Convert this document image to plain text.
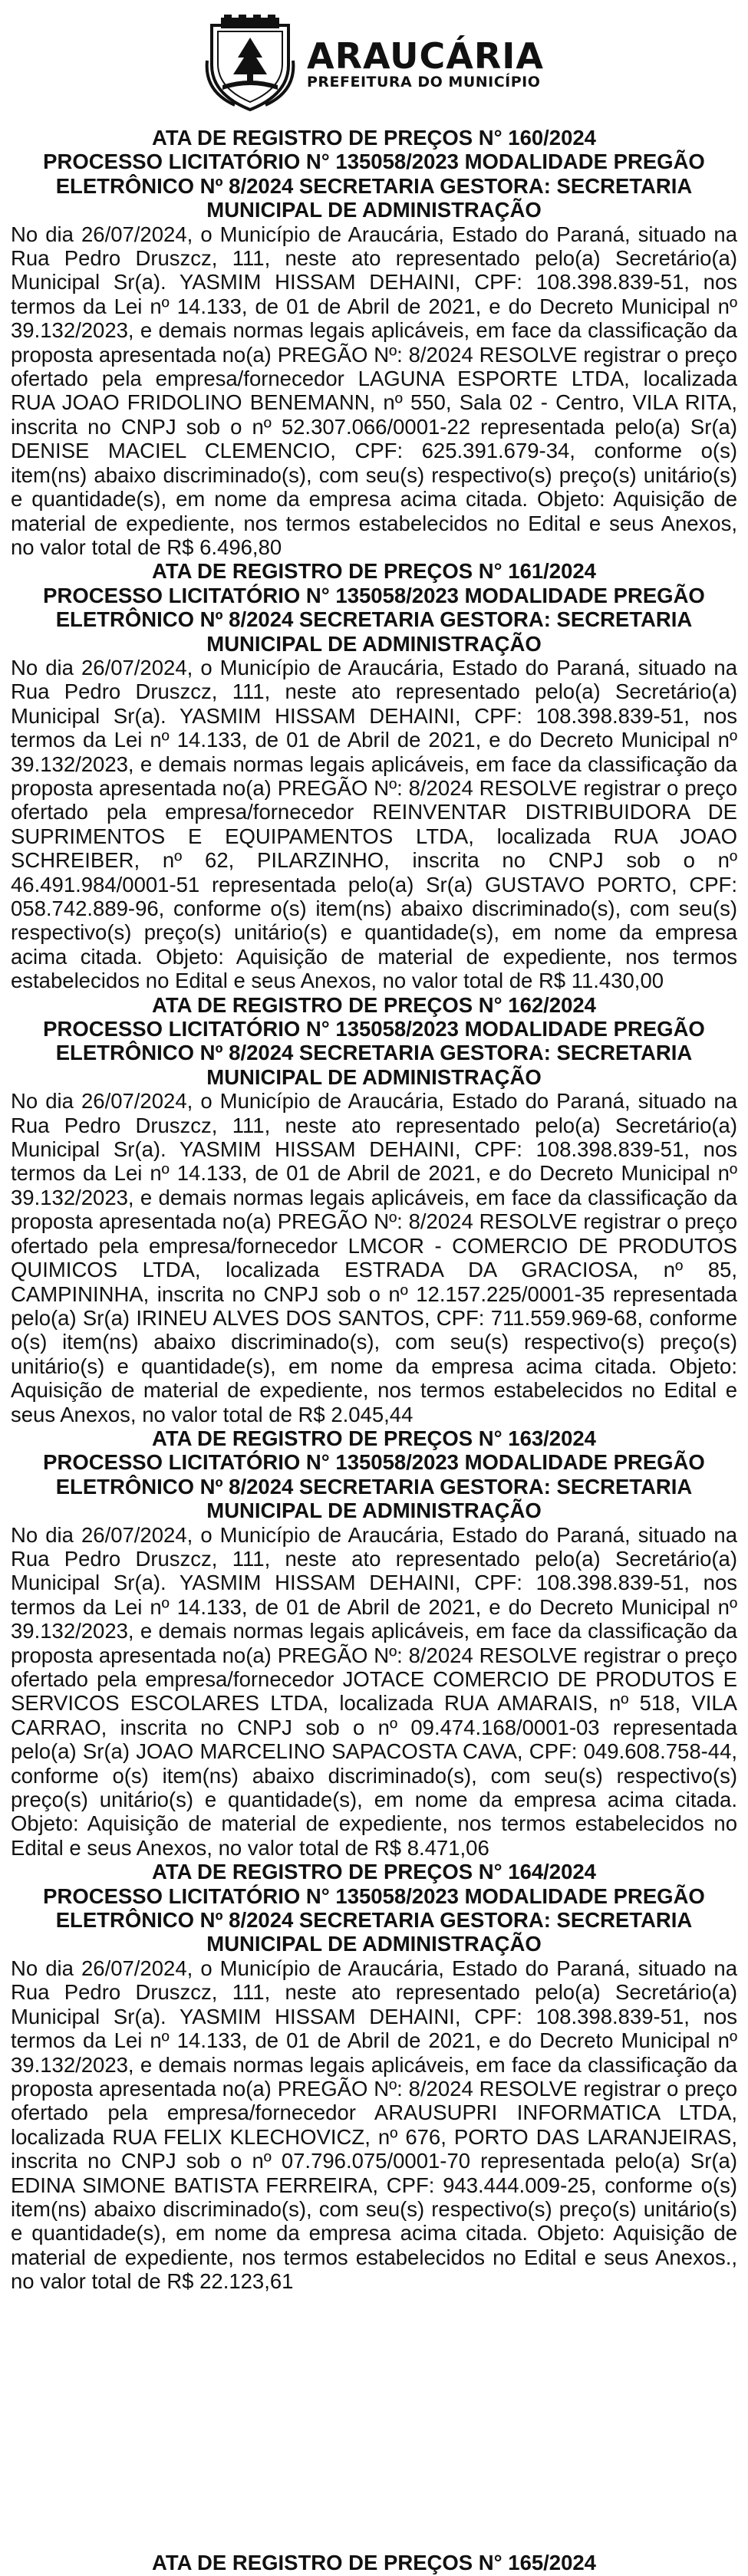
ARAUCÁRIA
PREFEITURA DO MUNICÍPIO
ATA DE REGISTRO DE PREÇOS N° 160/2024
PROCESSO LICITATÓRIO N° 135058/2023 MODALIDADE PREGÃO ELETRÔNICO Nº 8/2024 SECRETARIA GESTORA: SECRETARIA MUNICIPAL DE ADMINISTRAÇÃO
No dia 26/07/2024, o Município de Araucária, Estado do Paraná, situado na Rua Pedro Druszcz, 111, neste ato representado pelo(a) Secretário(a) Municipal Sr(a). YASMIM HISSAM DEHAINI, CPF: 108.398.839-51, nos termos da Lei nº 14.133, de 01 de Abril de 2021, e do Decreto Municipal nº 39.132/2023, e demais normas legais aplicáveis, em face da classificação da proposta apresentada no(a) PREGÃO Nº: 8/2024 RESOLVE registrar o preço ofertado pela empresa/fornecedor LAGUNA ESPORTE LTDA, localizada RUA JOAO FRIDOLINO BENEMANN, nº 550, Sala 02 - Centro, VILA RITA, inscrita no CNPJ sob o nº 52.307.066/0001-22 representada pelo(a) Sr(a) DENISE MACIEL CLEMENCIO, CPF: 625.391.679-34, conforme o(s) item(ns) abaixo discriminado(s), com seu(s) respectivo(s) preço(s) unitário(s) e quantidade(s), em nome da empresa acima citada. Objeto: Aquisição de material de expediente, nos termos estabelecidos no Edital e seus Anexos, no valor total de R$ 6.496,80
ATA DE REGISTRO DE PREÇOS N° 161/2024
PROCESSO LICITATÓRIO N° 135058/2023 MODALIDADE PREGÃO ELETRÔNICO Nº 8/2024 SECRETARIA GESTORA: SECRETARIA MUNICIPAL DE ADMINISTRAÇÃO
No dia 26/07/2024, o Município de Araucária, Estado do Paraná, situado na Rua Pedro Druszcz, 111, neste ato representado pelo(a) Secretário(a) Municipal Sr(a). YASMIM HISSAM DEHAINI, CPF: 108.398.839-51, nos termos da Lei nº 14.133, de 01 de Abril de 2021, e do Decreto Municipal nº 39.132/2023, e demais normas legais aplicáveis, em face da classificação da proposta apresentada no(a) PREGÃO Nº: 8/2024 RESOLVE registrar o preço ofertado pela empresa/fornecedor REINVENTAR DISTRIBUIDORA DE SUPRIMENTOS E EQUIPAMENTOS LTDA, localizada RUA JOAO SCHREIBER, nº 62, PILARZINHO, inscrita no CNPJ sob o nº 46.491.984/0001-51 representada pelo(a) Sr(a) GUSTAVO PORTO, CPF: 058.742.889-96, conforme o(s) item(ns) abaixo discriminado(s), com seu(s) respectivo(s) preço(s) unitário(s) e quantidade(s), em nome da empresa acima citada. Objeto: Aquisição de material de expediente, nos termos estabelecidos no Edital e seus Anexos, no valor total de R$ 11.430,00
ATA DE REGISTRO DE PREÇOS N° 162/2024
PROCESSO LICITATÓRIO N° 135058/2023 MODALIDADE PREGÃO ELETRÔNICO Nº 8/2024 SECRETARIA GESTORA: SECRETARIA MUNICIPAL DE ADMINISTRAÇÃO
No dia 26/07/2024, o Município de Araucária, Estado do Paraná, situado na Rua Pedro Druszcz, 111, neste ato representado pelo(a) Secretário(a) Municipal Sr(a). YASMIM HISSAM DEHAINI, CPF: 108.398.839-51, nos termos da Lei nº 14.133, de 01 de Abril de 2021, e do Decreto Municipal nº 39.132/2023, e demais normas legais aplicáveis, em face da classificação da proposta apresentada no(a) PREGÃO Nº: 8/2024 RESOLVE registrar o preço ofertado pela empresa/fornecedor LMCOR - COMERCIO DE PRODUTOS QUIMICOS LTDA, localizada ESTRADA DA GRACIOSA, nº 85, CAMPININHA, inscrita no CNPJ sob o nº 12.157.225/0001-35 representada pelo(a) Sr(a) IRINEU ALVES DOS SANTOS, CPF: 711.559.969-68, conforme o(s) item(ns) abaixo discriminado(s), com seu(s) respectivo(s) preço(s) unitário(s) e quantidade(s), em nome da empresa acima citada. Objeto: Aquisição de material de expediente, nos termos estabelecidos no Edital e seus Anexos, no valor total de R$ 2.045,44
ATA DE REGISTRO DE PREÇOS N° 163/2024
PROCESSO LICITATÓRIO N° 135058/2023 MODALIDADE PREGÃO ELETRÔNICO Nº 8/2024 SECRETARIA GESTORA: SECRETARIA MUNICIPAL DE ADMINISTRAÇÃO
No dia 26/07/2024, o Município de Araucária, Estado do Paraná, situado na Rua Pedro Druszcz, 111, neste ato representado pelo(a) Secretário(a) Municipal Sr(a). YASMIM HISSAM DEHAINI, CPF: 108.398.839-51, nos termos da Lei nº 14.133, de 01 de Abril de 2021, e do Decreto Municipal nº 39.132/2023, e demais normas legais aplicáveis, em face da classificação da proposta apresentada no(a) PREGÃO Nº: 8/2024 RESOLVE registrar o preço ofertado pela empresa/fornecedor JOTACE COMERCIO DE PRODUTOS E SERVICOS ESCOLARES LTDA, localizada RUA AMARAIS, nº 518, VILA CARRAO, inscrita no CNPJ sob o nº 09.474.168/0001-03 representada pelo(a) Sr(a) JOAO MARCELINO SAPACOSTA CAVA, CPF: 049.608.758-44, conforme o(s) item(ns) abaixo discriminado(s), com seu(s) respectivo(s) preço(s) unitário(s) e quantidade(s), em nome da empresa acima citada. Objeto: Aquisição de material de expediente, nos termos estabelecidos no Edital e seus Anexos, no valor total de R$ 8.471,06
ATA DE REGISTRO DE PREÇOS N° 164/2024
PROCESSO LICITATÓRIO N° 135058/2023 MODALIDADE PREGÃO ELETRÔNICO Nº 8/2024 SECRETARIA GESTORA: SECRETARIA MUNICIPAL DE ADMINISTRAÇÃO
No dia 26/07/2024, o Município de Araucária, Estado do Paraná, situado na Rua Pedro Druszcz, 111, neste ato representado pelo(a) Secretário(a) Municipal Sr(a). YASMIM HISSAM DEHAINI, CPF: 108.398.839-51, nos termos da Lei nº 14.133, de 01 de Abril de 2021, e do Decreto Municipal nº 39.132/2023, e demais normas legais aplicáveis, em face da classificação da proposta apresentada no(a) PREGÃO Nº: 8/2024 RESOLVE registrar o preço ofertado pela empresa/fornecedor ARAUSUPRI INFORMATICA LTDA, localizada RUA FELIX KLECHOVICZ, nº 676, PORTO DAS LARANJEIRAS, inscrita no CNPJ sob o nº 07.796.075/0001-70 representada pelo(a) Sr(a) EDINA SIMONE BATISTA FERREIRA, CPF: 943.444.009-25, conforme o(s) item(ns) abaixo discriminado(s), com seu(s) respectivo(s) preço(s) unitário(s) e quantidade(s), em nome da empresa acima citada. Objeto: Aquisição de material de expediente, nos termos estabelecidos no Edital e seus Anexos., no valor total de R$ 22.123,61
ATA DE REGISTRO DE PREÇOS N° 165/2024
